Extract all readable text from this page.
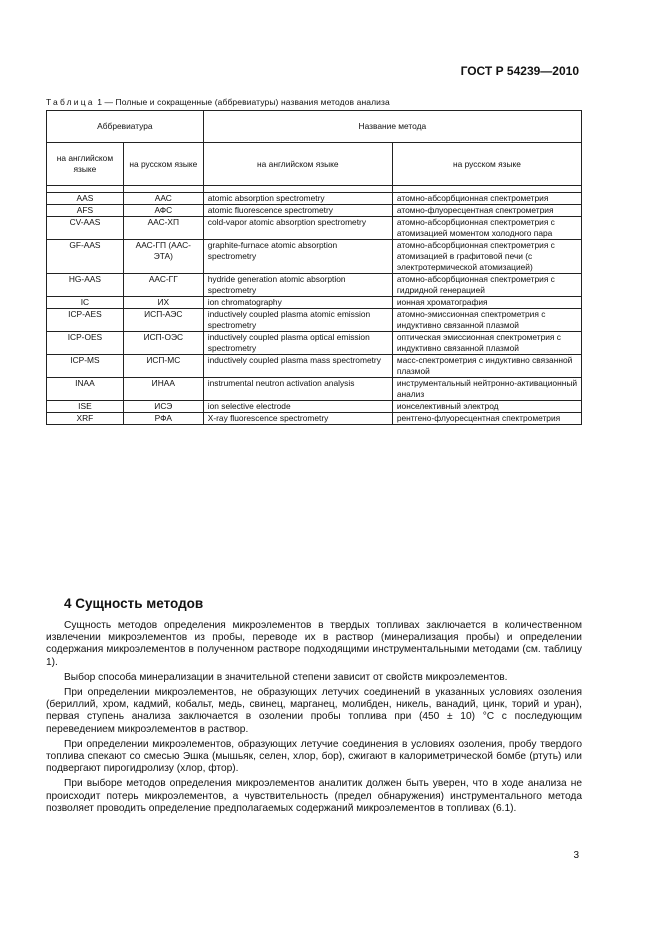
ГОСТ Р 54239—2010
Таблица 1 — Полные и сокращенные (аббревиатуры) названия методов анализа
Аббревиатура		Название метода	
на английском языке	на русском языке	на английском языке	на русском языке

AAS	ААС	atomic absorption spectrometry	атомно-абсорбционная спектрометрия
AFS	АФС	atomic fluorescence spectrometry	атомно-флуоресцентная спектрометрия
CV-AAS	ААС-ХП	cold-vapor atomic absorption spectrometry	атомно-абсорбционная спектрометрия с атомизацией моментом холодного пара
GF-AAS	ААС-ГП (ААС-ЭТА)	graphite-furnace atomic absorption spectrometry	атомно-абсорбционная спектрометрия с атомизацией в графитовой печи (с электротермической атомизацией)
HG-AAS	ААС-ГГ	hydride generation atomic absorption spectrometry	атомно-абсорбционная спектрометрия с гидридной генерацией
IC	ИХ	ion chromatography	ионная хроматография
ICP-AES	ИСП-АЭС	inductively coupled plasma atomic emission spectrometry	атомно-эмиссионная спектрометрия с индуктивно связанной плазмой
ICP-OES	ИСП-ОЭС	inductively coupled plasma optical emission spectrometry	оптическая эмиссионная спектрометрия с индуктивно связанной плазмой
ICP-MS	ИСП-МС	inductively coupled plasma mass spectrometry	масс-спектрометрия с индуктивно связанной плазмой
INAA	ИНАА	instrumental neutron activation analysis	инструментальный нейтронно-активационный анализ
ISE	ИСЭ	ion selective electrode	ионселективный электрод
XRF	РФА	X-ray fluorescence spectrometry	рентгено-флуоресцентная спектрометрия
4 Сущность методов

Сущность методов определения микроэлементов в твердых топливах заключается в количественном извлечении микроэлементов из пробы, переводе их в раствор (минерализация пробы) и определении содержания микроэлементов в полученном растворе подходящими инструментальными методами (см. таблицу 1).

Выбор способа минерализации в значительной степени зависит от свойств микроэлементов.

При определении микроэлементов, не образующих летучих соединений в указанных условиях озоления (бериллий, хром, кадмий, кобальт, медь, свинец, марганец, молибден, никель, ванадий, цинк, торий и уран), первая ступень анализа заключается в озолении пробы топлива при (450 ± 10) °С с последующим переведением микроэлементов в раствор.

При определении микроэлементов, образующих летучие соединения в условиях озоления, пробу твердого топлива спекают со смесью Эшка (мышьяк, селен, хлор, бор), сжигают в калориметрической бомбе (ртуть) или подвергают пирогидролизу (хлор, фтор).

При выборе методов определения микроэлементов аналитик должен быть уверен, что в ходе анализа не происходит потерь микроэлементов, а чувствительность (предел обнаружения) инструментального метода позволяет проводить определение предполагаемых содержаний микроэлементов в топливах (6.1).

3
